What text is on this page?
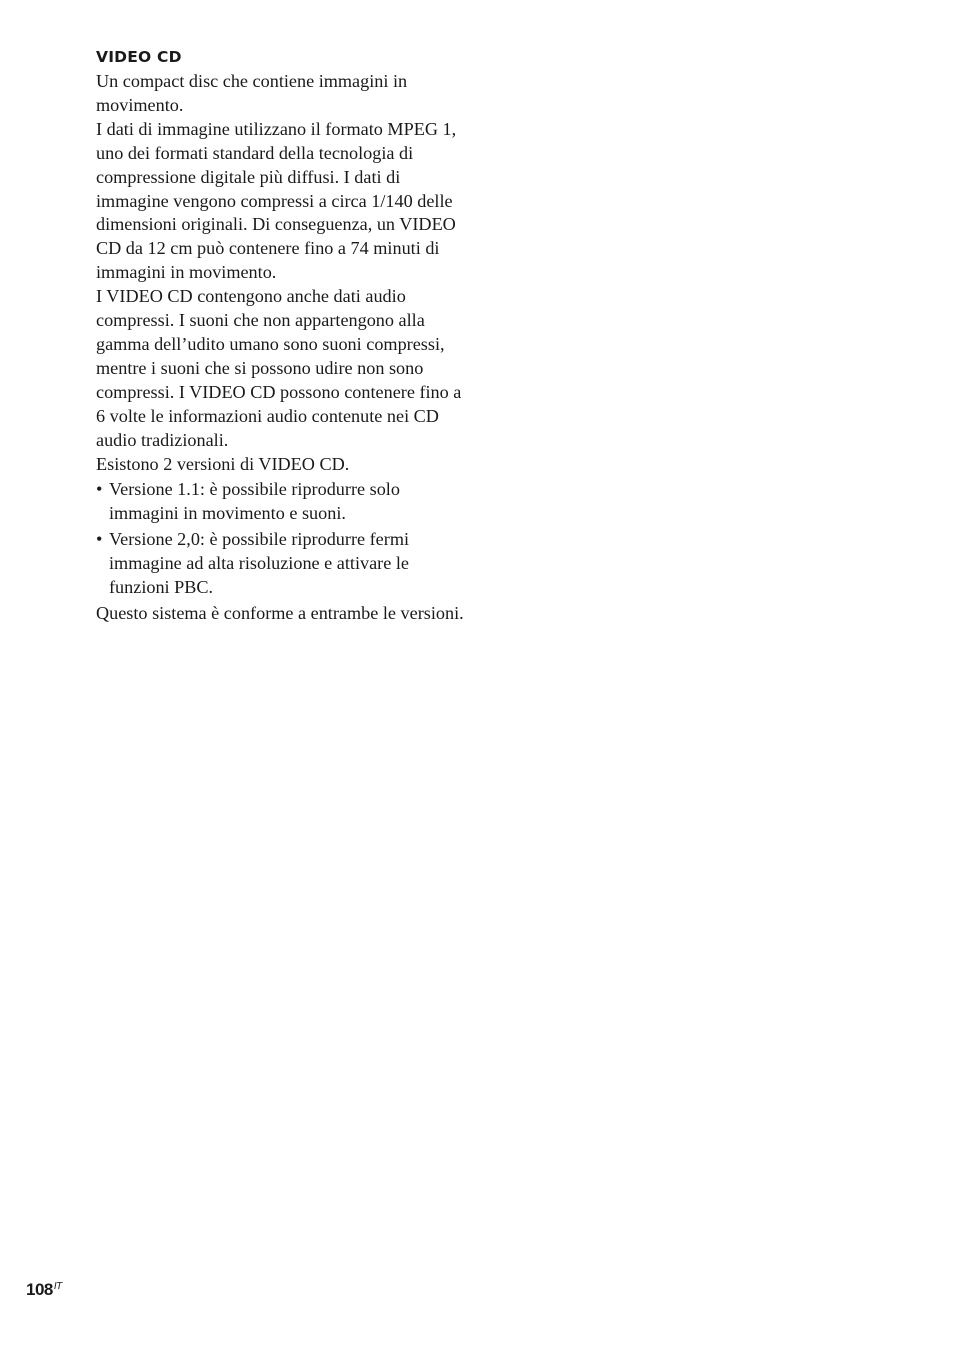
VIDEO CD

Un compact disc che contiene immagini in movimento.

I dati di immagine utilizzano il formato MPEG 1, uno dei formati standard della tecnologia di compressione digitale più diffusi. I dati di immagine vengono compressi a circa 1/140 delle dimensioni originali. Di conseguenza, un VIDEO CD da 12 cm può contenere fino a 74 minuti di immagini in movimento.

I VIDEO CD contengono anche dati audio compressi. I suoni che non appartengono alla gamma dell’udito umano sono suoni compressi, mentre i suoni che si possono udire non sono compressi. I VIDEO CD possono contenere fino a 6 volte le informazioni audio contenute nei CD audio tradizionali.

Esistono 2 versioni di VIDEO CD.

• Versione 1.1: è possibile riprodurre solo immagini in movimento e suoni.
• Versione 2,0: è possibile riprodurre fermi immagine ad alta risoluzione e attivare le funzioni PBC.

Questo sistema è conforme a entrambe le versioni.

$108^{IT}$
